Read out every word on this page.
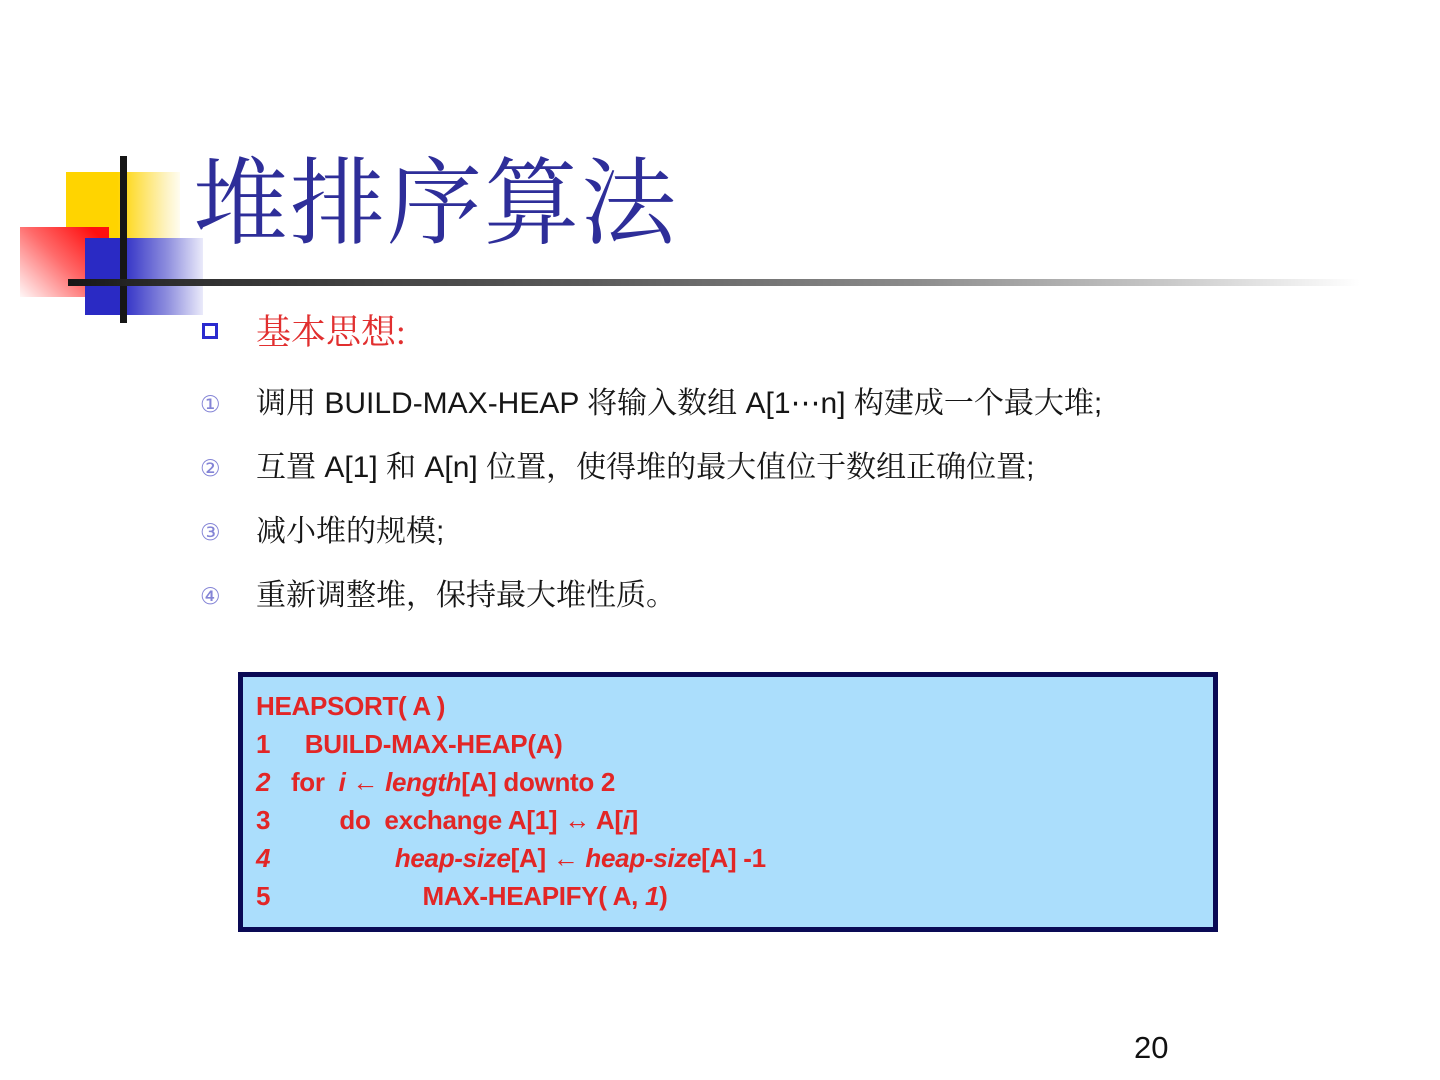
堆排序算法
基本思想:
①	调用 BUILD-MAX-HEAP 将输入数组 A[1⋯n] 构建成一个最大堆;
②	互置 A[1] 和 A[n] 位置，使得堆的最大值位于数组正确位置;
③	减小堆的规模;
④	重新调整堆，保持最大堆性质。
HEAPSORT( A )
1     BUILD-MAX-HEAP(A)
2   for  i ← length[A] downto 2
3          do  exchange A[1] ↔ A[i]
4	heap-size[A] ← heap-size[A] -1
5                      MAX-HEAPIFY( A, 1)
20
